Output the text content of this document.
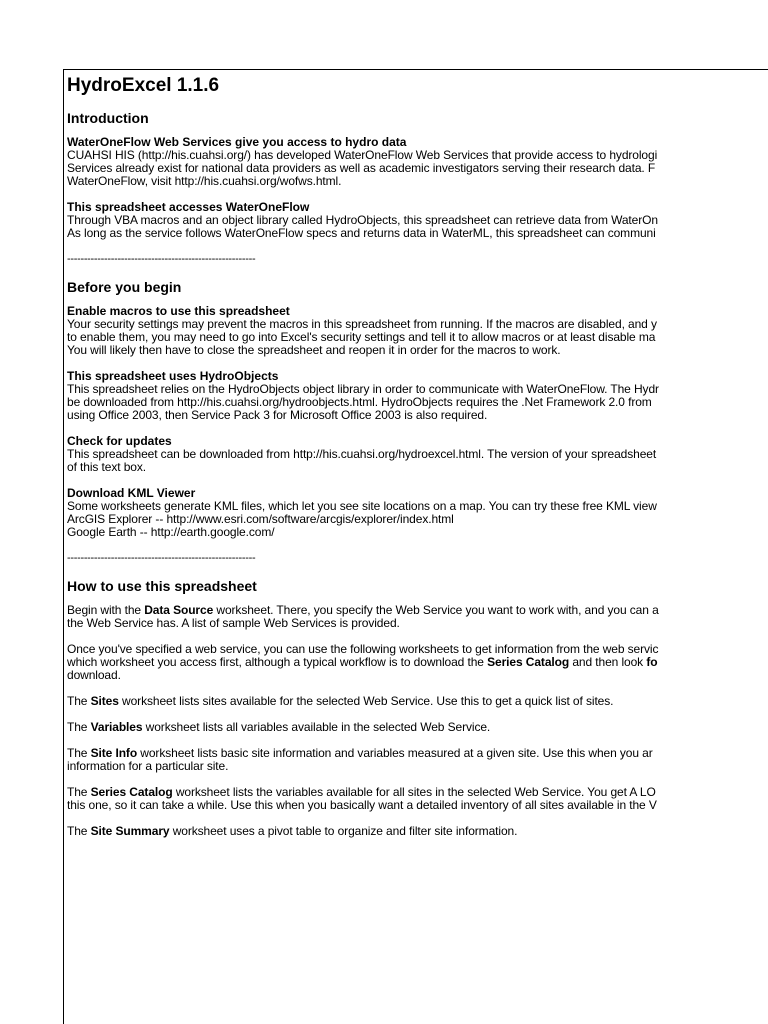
HydroExcel 1.1.6
Introduction
WaterOneFlow Web Services give you access to hydro data
CUAHSI HIS (http://his.cuahsi.org/) has developed WaterOneFlow Web Services that provide access to hydrologi
Services already exist for national data providers as well as academic investigators serving their research data. F
WaterOneFlow, visit http://his.cuahsi.org/wofws.html.
This spreadsheet accesses WaterOneFlow
Through VBA macros and an object library called HydroObjects, this spreadsheet can retrieve data from WaterOn
As long as the service follows WaterOneFlow specs and returns data in WaterML, this spreadsheet can communi
--------------------------------------------------------
Before you begin
Enable macros to use this spreadsheet
Your security settings may prevent the macros in this spreadsheet from running. If the macros are disabled, and y
to enable them, you may need to go into Excel's security settings and tell it to allow macros or at least disable ma
You will likely then have to close the spreadsheet and reopen it in order for the macros to work.
This spreadsheet uses HydroObjects
This spreadsheet relies on the HydroObjects object library in order to communicate with WaterOneFlow. The Hydr
be downloaded from http://his.cuahsi.org/hydroobjects.html. HydroObjects requires the .Net Framework 2.0 from
using Office 2003, then Service Pack 3 for Microsoft Office 2003 is also required.
Check for updates
This spreadsheet can be downloaded from http://his.cuahsi.org/hydroexcel.html. The version of your spreadsheet
of this text box.
Download KML Viewer
Some worksheets generate KML files, which let you see site locations on a map. You can try these free KML view
ArcGIS Explorer -- http://www.esri.com/software/arcgis/explorer/index.html
Google Earth -- http://earth.google.com/
--------------------------------------------------------
How to use this spreadsheet
Begin with the Data Source worksheet. There, you specify the Web Service you want to work with, and you can a
the Web Service has. A list of sample Web Services is provided.
Once you've specified a web service, you can use the following worksheets to get information from the web servic
which worksheet you access first, although a typical workflow is to download the Series Catalog and then look fo
download.
The Sites worksheet lists sites available for the selected Web Service. Use this to get a quick list of sites.
The Variables worksheet lists all variables available in the selected Web Service.
The Site Info worksheet lists basic site information and variables measured at a given site. Use this when you ar
information for a particular site.
The Series Catalog worksheet lists the variables available for all sites in the selected Web Service. You get A LO
this one, so it can take a while. Use this when you basically want a detailed inventory of all sites available in the V
The Site Summary worksheet uses a pivot table to organize and filter site information.
